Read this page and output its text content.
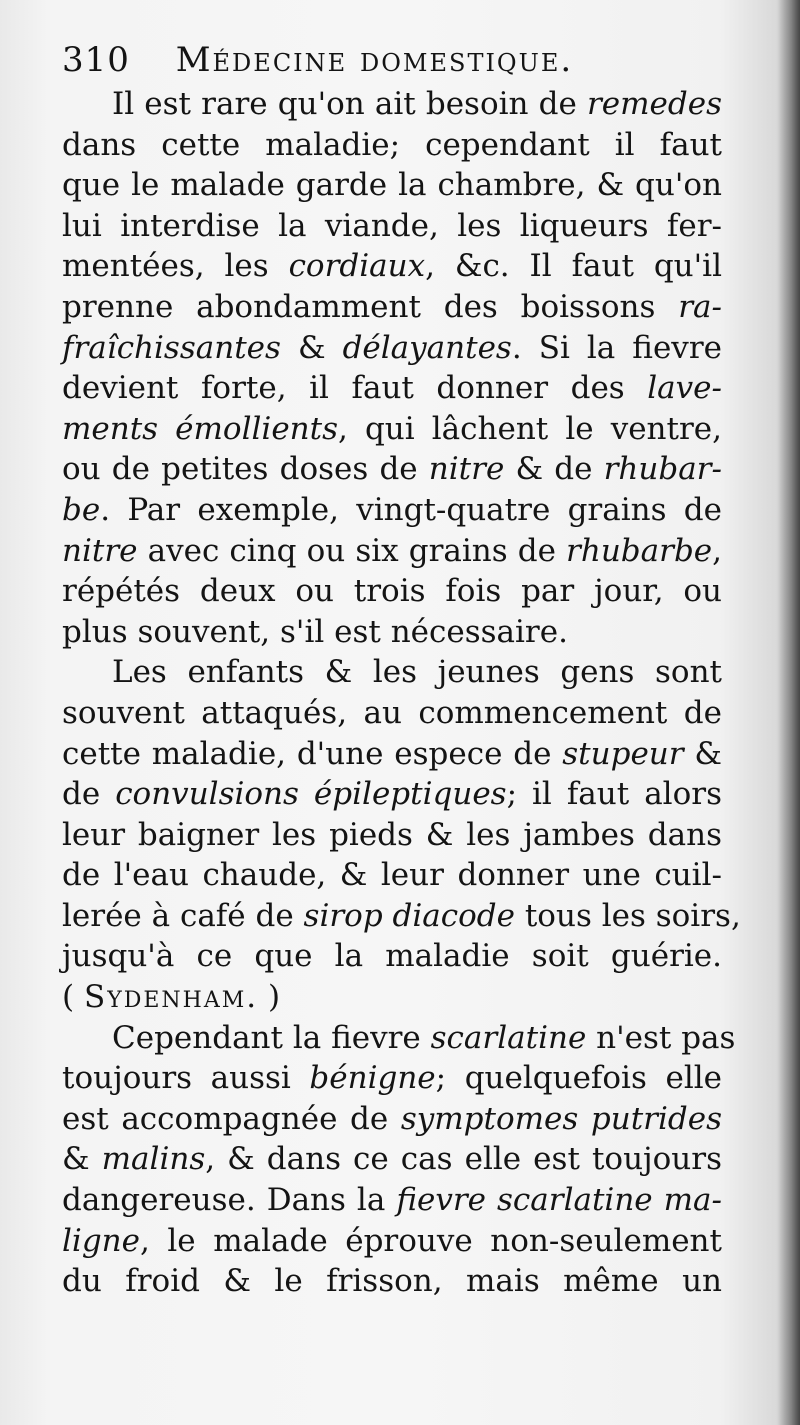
310 Médecine domestique.
Il est rare qu'on ait besoin de remedes
dans cette maladie; cependant il faut
que le malade garde la chambre, & qu'on
lui interdise la viande, les liqueurs fer-
mentées, les cordiaux, &c. Il faut qu'il
prenne abondamment des boissons ra-
fraîchissantes & délayantes. Si la fievre
devient forte, il faut donner des lave-
ments émollients, qui lâchent le ventre,
ou de petites doses de nitre & de rhubar-
be. Par exemple, vingt-quatre grains de
nitre avec cinq ou six grains de rhubarbe,
répétés deux ou trois fois par jour, ou
plus souvent, s'il est nécessaire.
Les enfants & les jeunes gens sont
souvent attaqués, au commencement de
cette maladie, d'une espece de stupeur &
de convulsions épileptiques; il faut alors
leur baigner les pieds & les jambes dans
de l'eau chaude, & leur donner une cuil-
lerée à café de sirop diacode tous les soirs,
jusqu'à ce que la maladie soit guérie.
( Sydenham. )
Cependant la fievre scarlatine n'est pas
toujours aussi bénigne; quelquefois elle
est accompagnée de symptomes putrides
& malins, & dans ce cas elle est toujours
dangereuse. Dans la fievre scarlatine ma-
ligne, le malade éprouve non-seulement
du froid & le frisson, mais même un
